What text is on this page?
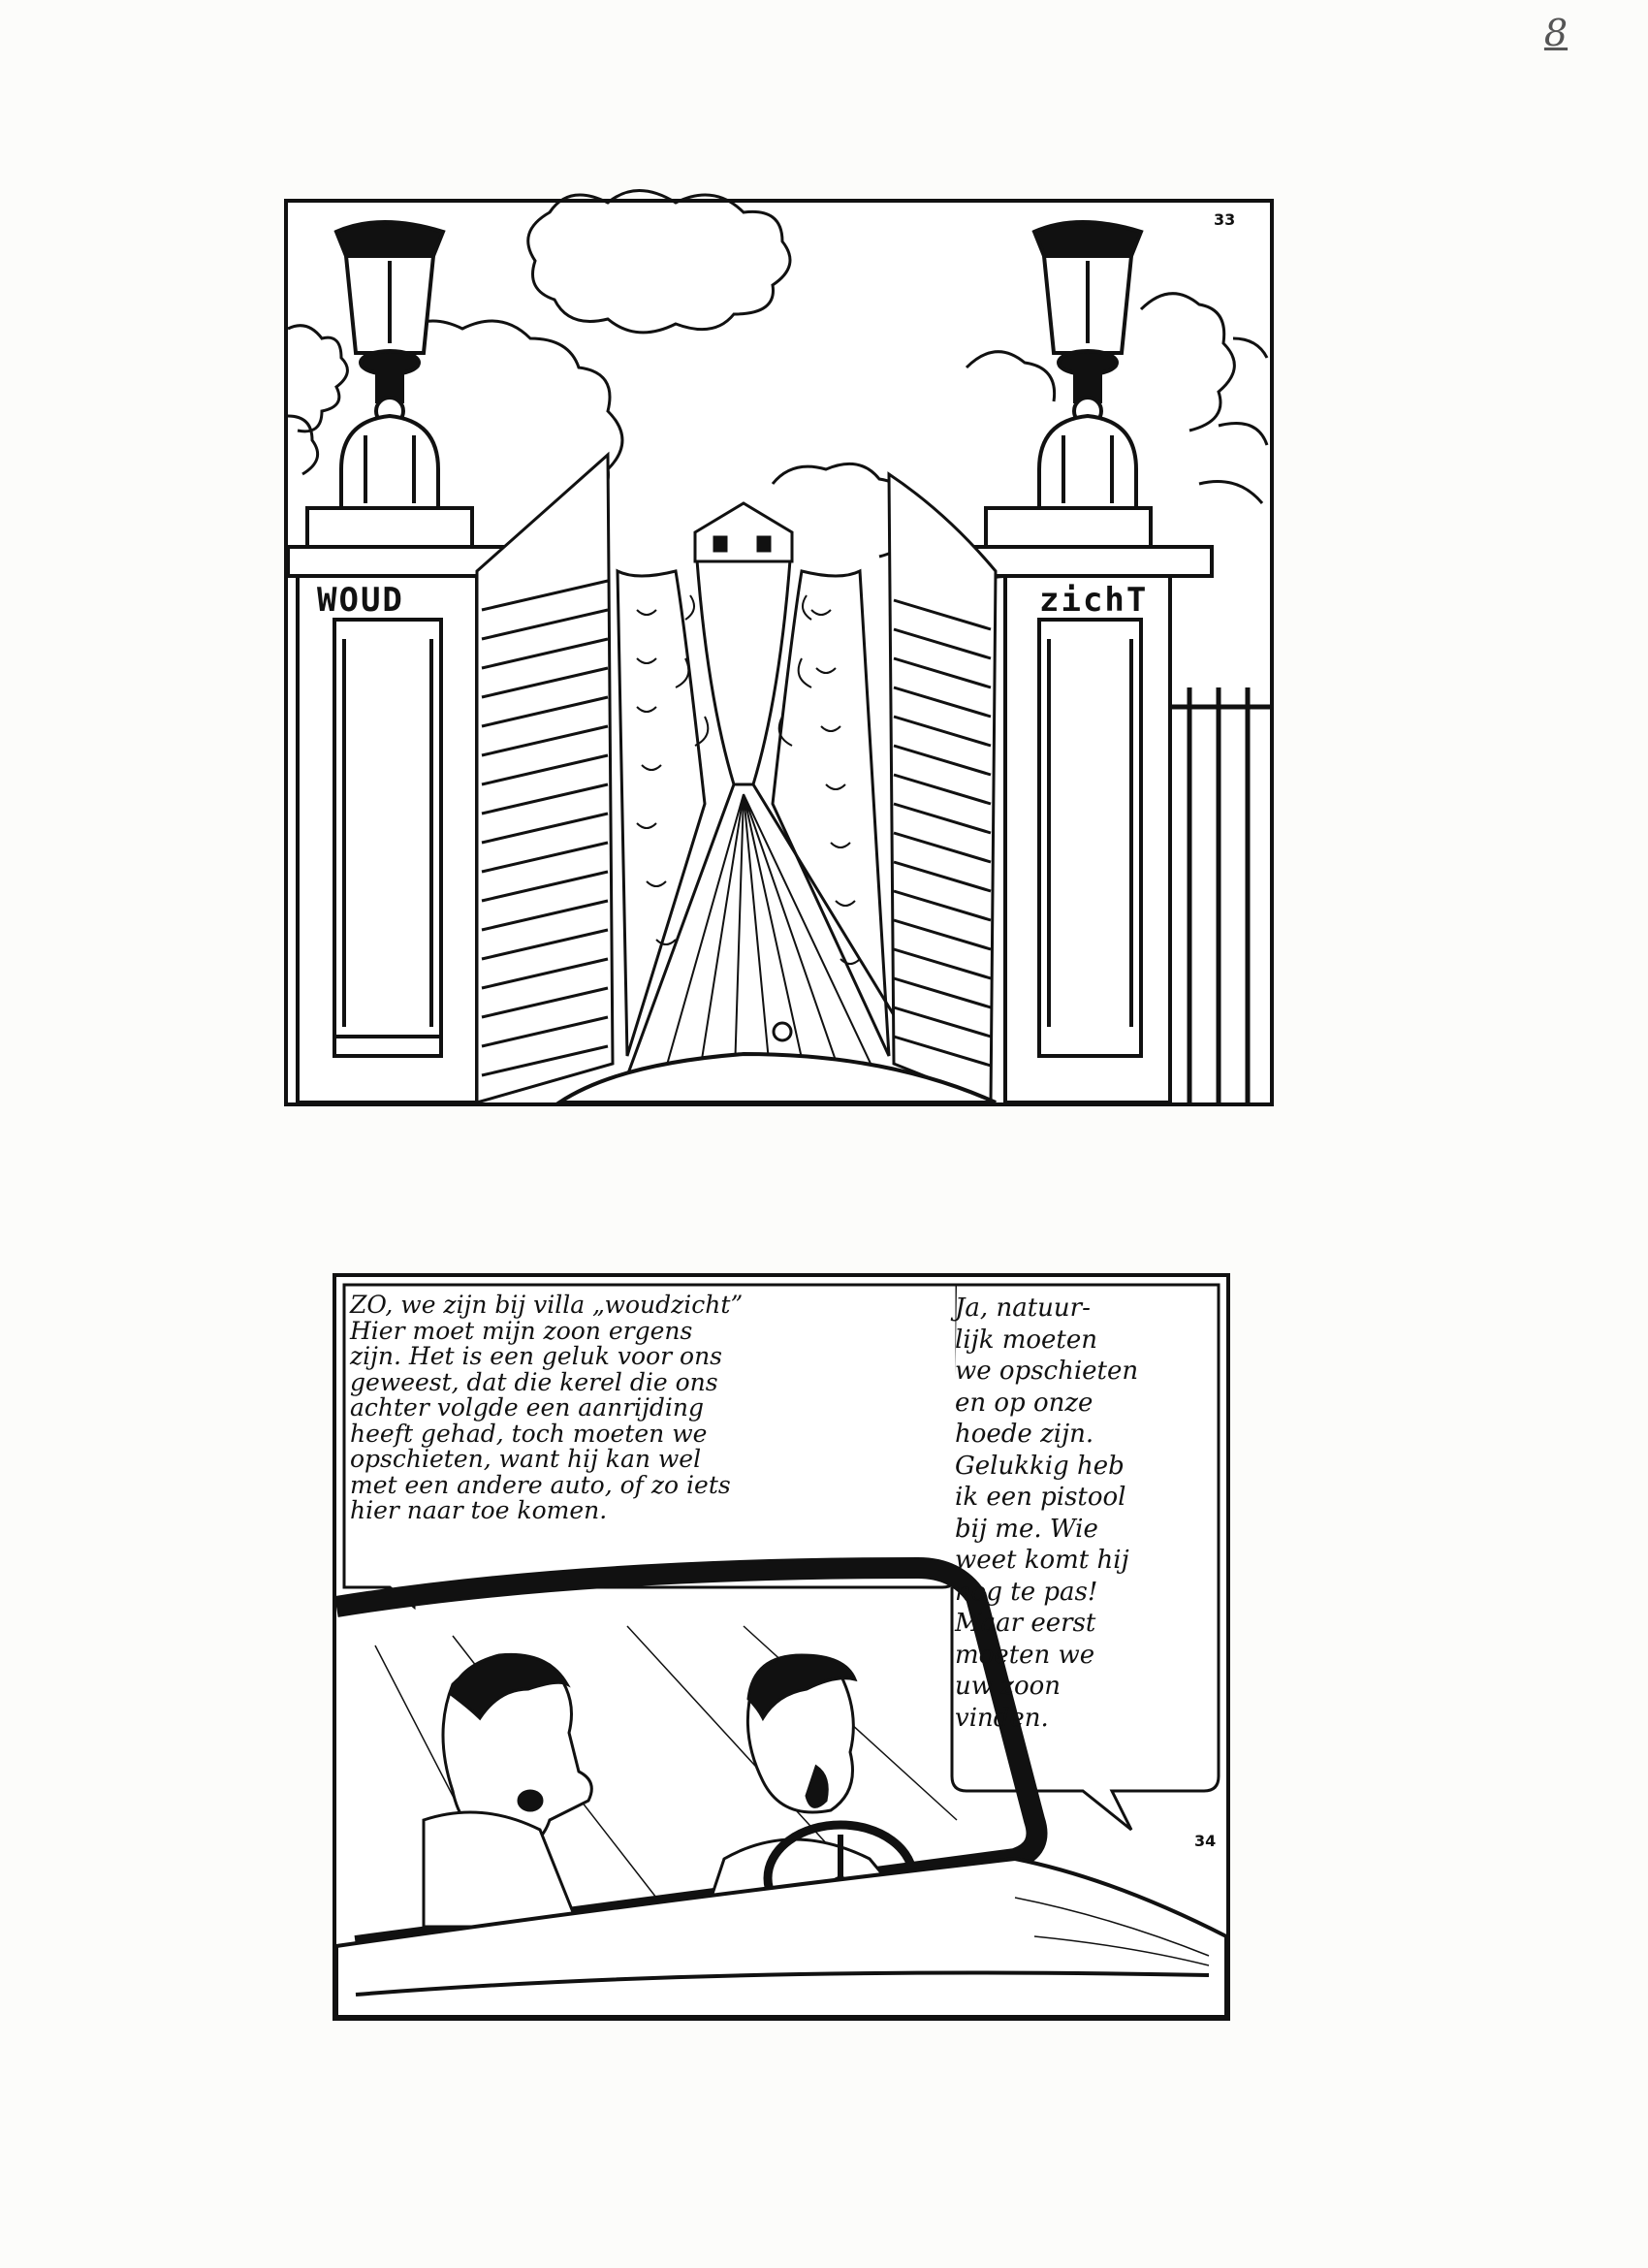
8
WOUD	zichT
33
ZO, we zijn bij villa „woudzicht”
Hier moet mijn zoon ergens
zijn. Het is een geluk voor ons
geweest, dat die kerel die ons
achter volgde een aanrijding
heeft gehad, toch moeten we
opschieten, want hij kan wel
met een andere auto, of zo iets
hier naar toe komen.
Ja, natuur-
lijk moeten
we opschieten
en op onze
hoede zijn.
Gelukkig heb
ik een pistool
bij me. Wie
weet komt hij
nog te pas!
Maar eerst
moeten we
uw zoon
vinden.
34
